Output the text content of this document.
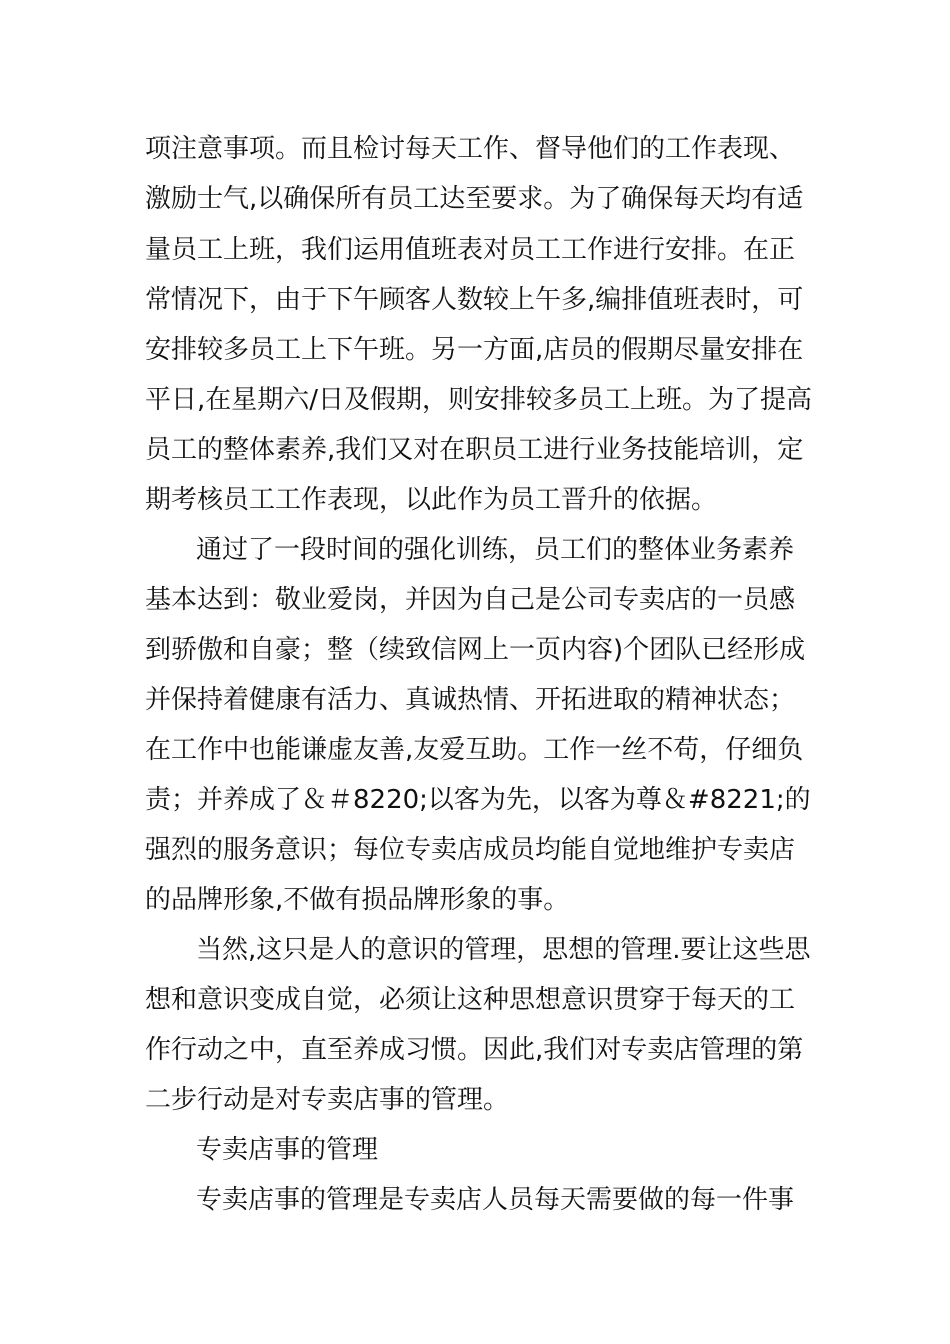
项注意事项。而且检讨每天工作、督导他们的工作表现、
激励士气,以确保所有员工达至要求。为了确保每天均有适
量员工上班，我们运用值班表对员工工作进行安排。在正
常情况下，由于下午顾客人数较上午多,编排值班表时，可
安排较多员工上下午班。另一方面,店员的假期尽量安排在
平日,在星期六/日及假期，则安排较多员工上班。为了提高
员工的整体素养,我们又对在职员工进行业务技能培训，定
期考核员工工作表现，以此作为员工晋升的依据。
通过了一段时间的强化训练，员工们的整体业务素养
基本达到：敬业爱岗，并因为自己是公司专卖店的一员感
到骄傲和自豪；整（续致信网上一页内容)个团队已经形成
并保持着健康有活力、真诚热情、开拓进取的精神状态；
在工作中也能谦虚友善,友爱互助。工作一丝不苟，仔细负
责；并养成了＆＃8220;以客为先，以客为尊＆#8221;的
强烈的服务意识；每位专卖店成员均能自觉地维护专卖店
的品牌形象,不做有损品牌形象的事。
当然,这只是人的意识的管理，思想的管理.要让这些思
想和意识变成自觉，必须让这种思想意识贯穿于每天的工
作行动之中，直至养成习惯。因此,我们对专卖店管理的第
二步行动是对专卖店事的管理。
专卖店事的管理
专卖店事的管理是专卖店人员每天需要做的每一件事
